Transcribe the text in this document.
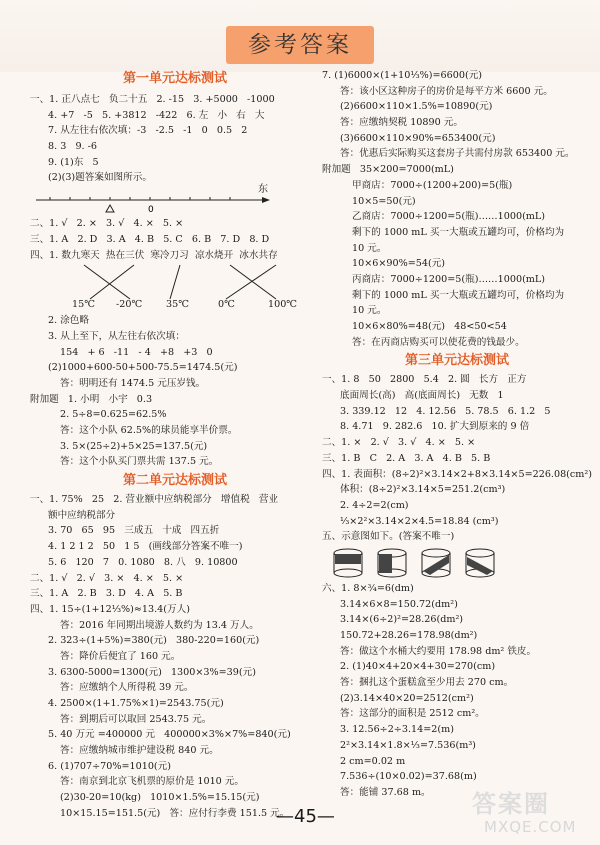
参考答案
第一单元达标测试
一、1. 正八点七   负二十五   2. -15   3. +5000   -1000
4. +7   -5   5. +3812   -422   6. 左   小   右   大
7. 从左往右依次填：-3   -2.5   -1   0   0.5   2
8. 3   9. -6
9. (1)东   5
(2)(3)题答案如图所示。
0
东
二、1. √   2. ×   3. √   4. ×   5. ×
三、1. A   2. D   3. A   4. B   5. C   6. B   7. D   8. D
四、1. 数九寒天  热在三伏  寒冷刀习  凉水烧开  冰水共存
15℃ -20℃ 35℃	0℃	100℃
2. 涂色略
3. 从上至下，从左往右依次填：
154   + 6   -11   - 4   +8   +3   0
(2)1000+600-50+500-75.5=1474.5(元)
答：明明还有 1474.5 元压岁钱。
附加题   1. 小明   小宇   0.3
2. 5÷8=0.625=62.5%
答：这个小队 62.5%的球员能享半价票。
3. 5×(25÷2)+5×25=137.5(元)
答：这个小队买门票共需 137.5 元。
第二单元达标测试
一、1. 75%   25   2. 营业额中应纳税部分   增值税   营业
额中应纳税部分
3. 70   65   95   三成五   十成   四五折
4. 1 2 1 2   50   1 5   (画线部分答案不唯一)
5. 6   120   7   0. 1080   8. 八   9. 10800
二、1. √   2. √   3. ×   4. ×   5. ×
三、1. A   2. B   3. D   4. A   5. B
四、1. 15÷(1+12⅓%)≈13.4(万人)
答：2016 年同期出境游人数约为 13.4 万人。
2. 323÷(1+5%)=380(元)   380-220=160(元)
答：降价后便宜了 160 元。
3. 6300-5000=1300(元)   1300×3%=39(元)
答：应缴纳个人所得税 39 元。
4. 2500×(1+1.75%×1)=2543.75(元)
答：到期后可以取回 2543.75 元。
5. 40 万元 =400000 元   400000×3%×7%=840(元)
答：应缴纳城市维护建设税 840 元。
6. (1)707÷70%=1010(元)
答：南京到北京飞机票的原价是 1010 元。
(2)30-20=10(kg)   1010×1.5%=15.15(元)
10×15.15=151.5(元)   答：应付行李费 151.5 元。
7. (1)6000×(1+10⅓%)=6600(元)
答：该小区这种房子的房价是每平方米 6600 元。
(2)6600×110×1.5%=10890(元)
答：应缴纳契税 10890 元。
(3)6600×110×90%=653400(元)
答：优惠后实际购买这套房子共需付房款 653400 元。
附加题   35×200=7000(mL)
甲商店：7000÷(1200+200)=5(瓶)
10×5=50(元)
乙商店：7000÷1200=5(瓶)……1000(mL)
剩下的 1000 mL 买一大瓶或五罐均可，价格均为
10 元。
10×6×90%=54(元)
丙商店：7000÷1200=5(瓶)……1000(mL)
剩下的 1000 mL 买一大瓶或五罐均可，价格均为
10 元。
10×6×80%=48(元)   48<50<54
答：在丙商店购买可以使花费的钱最少。
第三单元达标测试
一、1. 8   50   2800   5.4   2. 圆   长方   正方
底面周长(高)   高(底面周长)   无数   1
3. 339.12   12   4. 12.56   5. 78.5   6. 1.2   5
8. 4.71   9. 282.6   10. 扩大到原来的 9 倍
二、1. ×   2. √   3. √   4. ×   5. ×
三、1. B   C   2. A   3. A   4. B   5. B
四、1. 表面积：(8÷2)²×3.14×2+8×3.14×5=226.08(cm²)
体积：(8÷2)²×3.14×5=251.2(cm³)
2. 4÷2=2(cm)
⅓×2²×3.14×2×4.5=18.84 (cm³)
五、示意图如下。(答案不唯一)
六、1. 8×¾=6(dm)
3.14×6×8=150.72(dm²)
3.14×(6÷2)²=28.26(dm²)
150.72+28.26=178.98(dm²)
答：做这个水桶大约要用 178.98 dm² 铁皮。
2. (1)40×4+20×4+30=270(cm)
答：捆扎这个蛋糕盒至少用去 270 cm。
(2)3.14×40×20=2512(cm²)
答：这部分的面积是 2512 cm²。
3. 12.56÷2÷3.14=2(m)
2²×3.14×1.8×⅓=7.536(m³)
2 cm=0.02 m
7.536÷(10×0.02)=37.68(m)
答：能铺 37.68 m。
—45—	答案圈
MXQE.COM
